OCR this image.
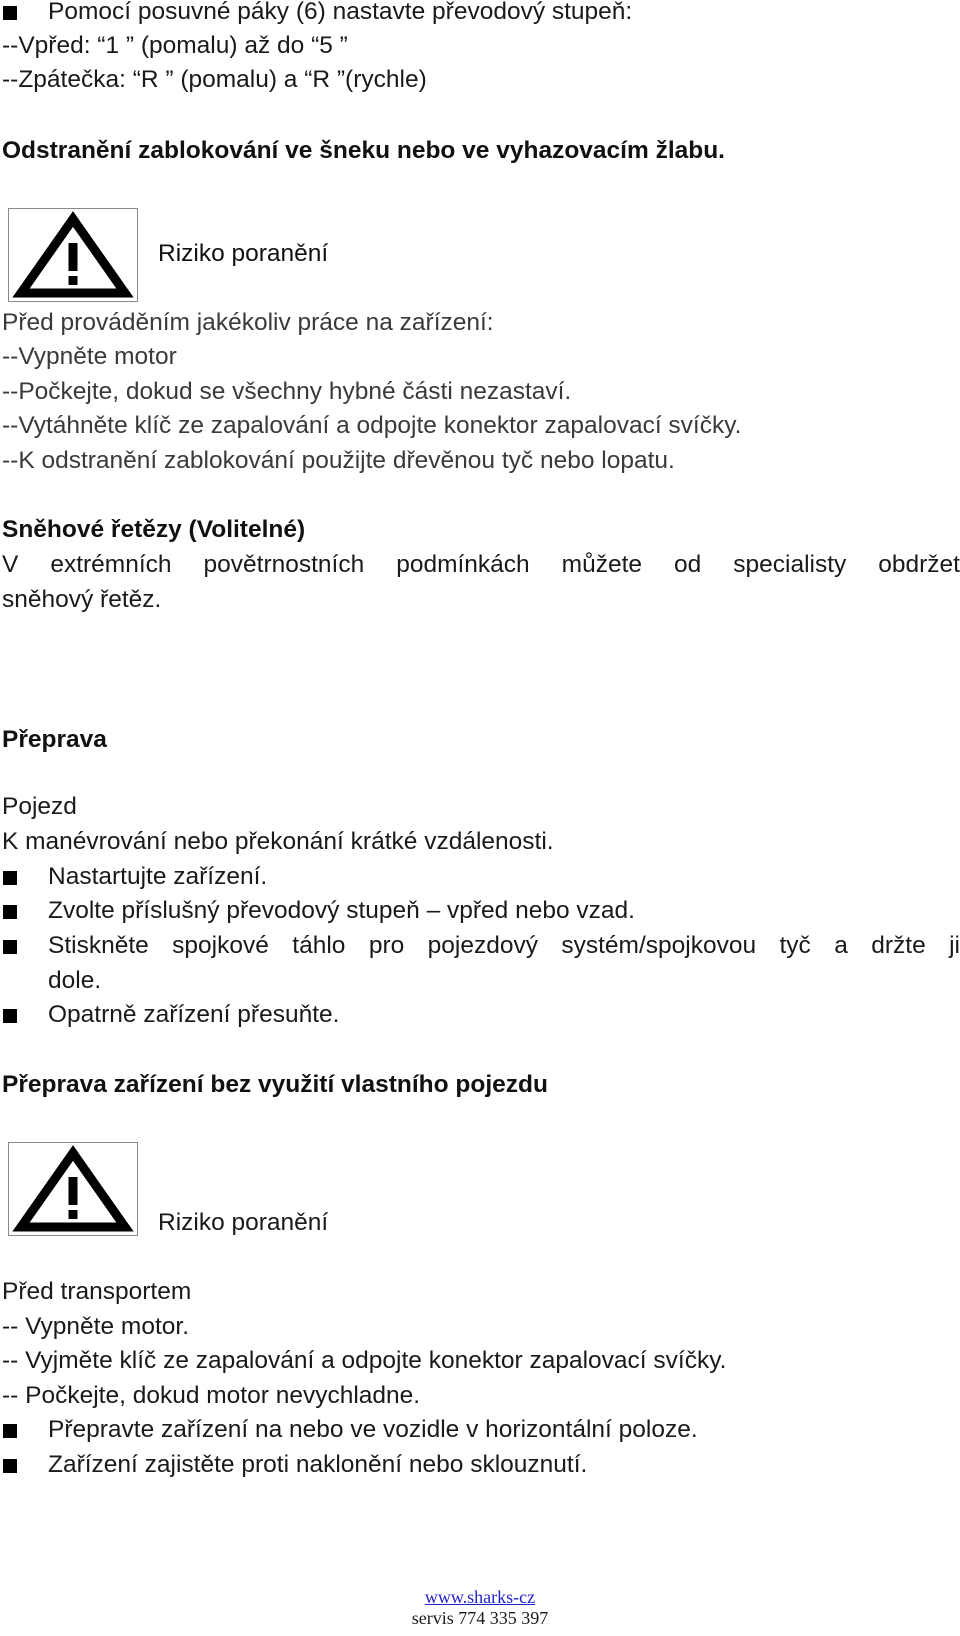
Pomocí posuvné páky (6) nastavte převodový stupeň:
--Vpřed: “1 ” (pomalu) až do “5 ”
--Zpátečka: “R ” (pomalu) a “R ”(rychle)
Odstranění zablokování ve šneku nebo ve vyhazovacím žlabu.
Riziko poranění
Před prováděním jakékoliv práce na zařízení:
--Vypněte motor
--Počkejte, dokud se všechny hybné části nezastaví.
--Vytáhněte klíč ze zapalování a odpojte konektor zapalovací svíčky.
--K odstranění zablokování použijte dřevěnou tyč nebo lopatu.
Sněhové řetězy (Volitelné)
V extrémních povětrnostních podmínkách můžete od specialisty obdržet
sněhový řetěz.
Přeprava
Pojezd
K manévrování nebo překonání krátké vzdálenosti.
Nastartujte zařízení.
Zvolte příslušný převodový stupeň – vpřed nebo vzad.
Stiskněte spojkové táhlo pro pojezdový systém/spojkovou tyč a držte ji
dole.
Opatrně zařízení přesuňte.
Přeprava zařízení bez využití vlastního pojezdu
Riziko poranění
Před transportem
-- Vypněte motor.
-- Vyjměte klíč ze zapalování a odpojte konektor zapalovací svíčky.
-- Počkejte, dokud motor nevychladne.
Přepravte zařízení na nebo ve vozidle v horizontální poloze.
Zařízení zajistěte proti naklonění nebo sklouznutí.
www.sharks-cz
servis 774 335 397
